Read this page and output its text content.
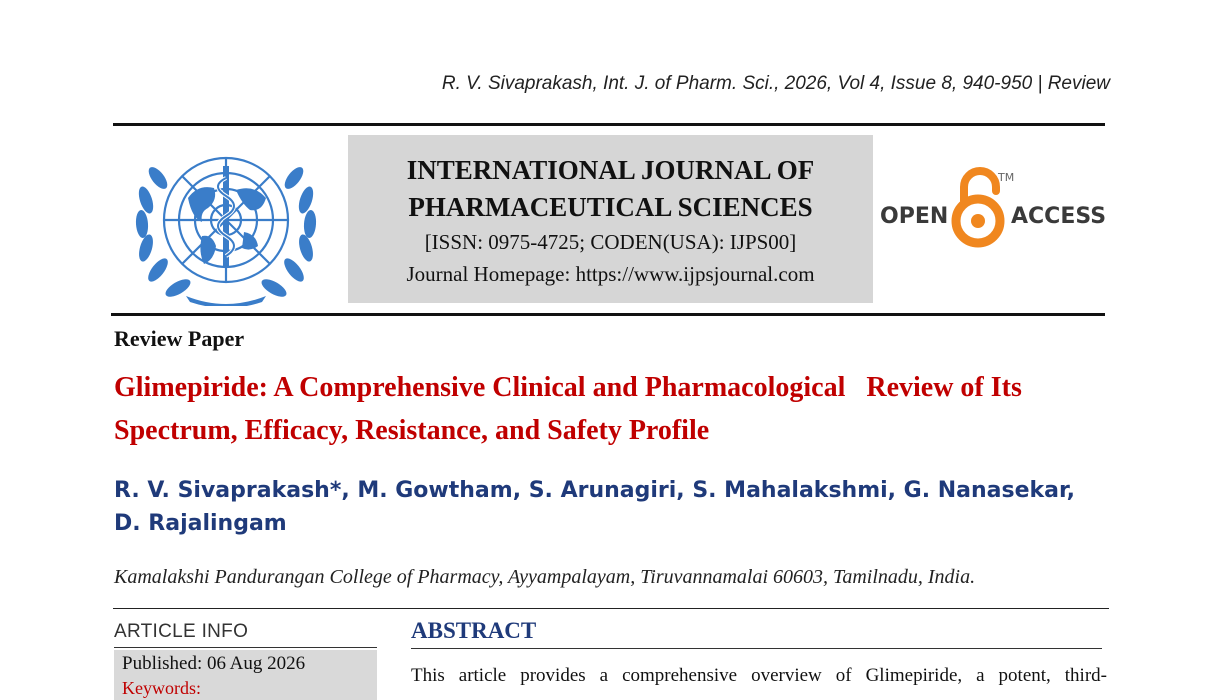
R. V. Sivaprakash, Int. J. of Pharm. Sci., 2026, Vol 4, Issue 8, 940-950 | Review
INTERNATIONAL JOURNAL OF
PHARMACEUTICAL SCIENCES
[ISSN: 0975-4725; CODEN(USA): IJPS00]
Journal Homepage: https://www.ijpsjournal.com
OPEN
TM
ACCESS
Review Paper
Glimepiride: A Comprehensive Clinical and Pharmacological   Review of Its Spectrum, Efficacy, Resistance, and Safety Profile
R. V. Sivaprakash*, M. Gowtham, S. Arunagiri, S. Mahalakshmi, G. Nanasekar, D. Rajalingam
Kamalakshi Pandurangan College of Pharmacy, Ayyampalayam, Tiruvannamalai 60603, Tamilnadu, India.
ARTICLE INFO
Published: 06 Aug 2026
Keywords:
ABSTRACT
This article provides a comprehensive overview of Glimepiride, a potent, third-
